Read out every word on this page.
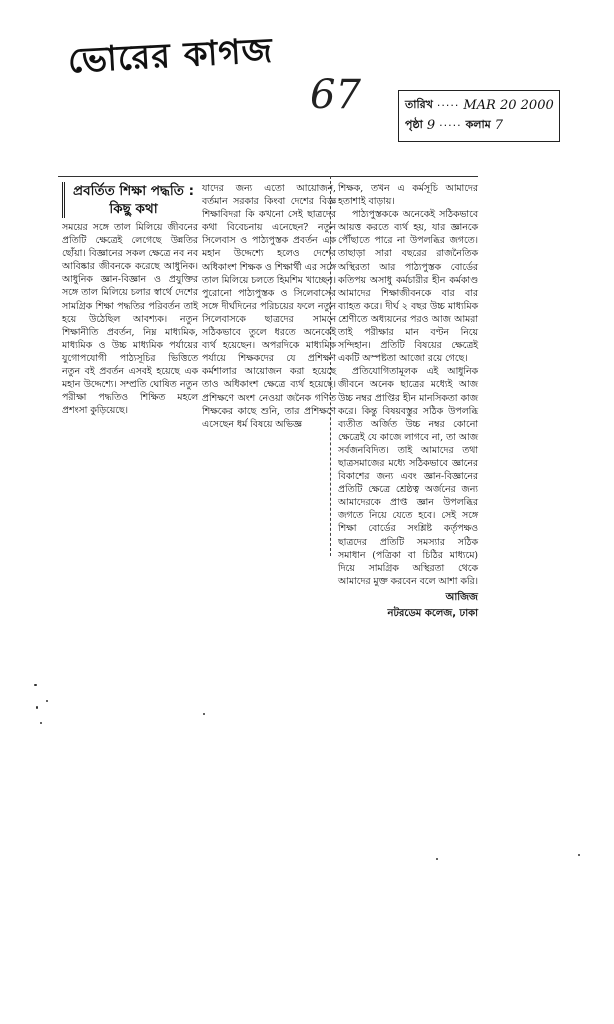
ভোরের কাগজ
67	তারিখ ····· MAR 20 2000
পৃষ্ঠা 9 ····· কলাম 7
প্রবর্তিত শিক্ষা পদ্ধতি :
কিছু কথা

সময়ের সঙ্গে তাল মিলিয়ে জীবনের প্রতিটি ক্ষেত্রেই লেগেছে উন্নতির ছোঁয়া। বিজ্ঞানের সকল ক্ষেত্রে নব নব আবিষ্কার জীবনকে করেছে আধুনিক। আধুনিক জ্ঞান-বিজ্ঞান ও প্রযুক্তির সঙ্গে তাল মিলিয়ে চলার স্বার্থে দেশের সামগ্রিক শিক্ষা পদ্ধতির পরিবর্তন তাই হয়ে উঠেছিল আবশ্যক। নতুন শিক্ষানীতি প্রবর্তন, নিম্ন মাধ্যমিক, মাধ্যমিক ও উচ্চ মাধ্যমিক পর্যায়ের যুগোপযোগী পাঠ্যসূচির ভিত্তিতে নতুন বই প্রবর্তন এসবই হয়েছে এক মহান উদ্দেশ্যে। সম্প্রতি ঘোষিত নতুন পরীক্ষা পদ্ধতিও শিক্ষিত মহলে প্রশংসা কুড়িয়েছে।

যাদের জন্য এতো আয়োজন, বর্তমান সরকার কিংবা দেশের বিজ্ঞ শিক্ষাবিদরা কি কখনো সেই ছাত্রদের কথা বিবেচনায় এনেছেন? নতুন সিলেবাস ও পাঠ্যপুস্তক প্রবর্তন এক মহান উদ্দেশ্যে হলেও দেশের অধিকাংশ শিক্ষক ও শিক্ষার্থী এর সঙ্গে তাল মিলিয়ে চলতে হিমশিম খাচ্ছেন। পুরোনো পাঠ্যপুস্তক ও সিলেবাসের সঙ্গে দীর্ঘদিনের পরিচয়ের ফলে নতুন সিলেবাসকে ছাত্রদের সামনে সঠিকভাবে তুলে ধরতে অনেকেই ব্যর্থ হয়েছেন। অপরদিকে মাধ্যমিক পর্যায়ে শিক্ষকদের যে প্রশিক্ষণ কর্মশালার আয়োজন করা হয়েছে তাও অধিকাংশ ক্ষেত্রে ব্যর্থ হয়েছে। প্রশিক্ষণে অংশ নেওয়া জনৈক গণিত শিক্ষকের কাছে শুনি, তার প্রশিক্ষণে এসেছেন ধর্ম বিষয়ে অভিজ্ঞ

শিক্ষক, তখন এ কর্মসূচি আমাদের হতাশাই বাড়ায়।

পাঠ্যপুস্তককে অনেকেই সঠিকভাবে আয়ত্ত করতে ব্যর্থ হয়, যার জ্ঞানকে পৌঁছাতে পারে না উপলব্ধির জগতে। তাছাড়া সারা বছরের রাজনৈতিক অস্থিরতা আর পাঠ্যপুস্তক বোর্ডের কতিপয় অসাধু কর্মচারীর হীন কর্মকাণ্ড আমাদের শিক্ষাজীবনকে বার বার ব্যাহত করে। দীর্ঘ ২ বছর উচ্চ মাধ্যমিক শ্রেণীতে অধ্যয়নের পরও আজ আমরা তাই পরীক্ষার মান বণ্টন নিয়ে সন্দিহান। প্রতিটি বিষয়ের ক্ষেত্রেই একটি অস্পষ্টতা আজো রয়ে গেছে।

প্রতিযোগিতামূলক এই আধুনিক জীবনে অনেক ছাত্রের মধ্যেই আজ উচ্চ নম্বর প্রাপ্তির হীন মানসিকতা কাজ করে। কিন্তু বিষয়বস্তুর সঠিক উপলব্ধি ব্যতীত অর্জিত উচ্চ নম্বর কোনো ক্ষেত্রেই যে কাজে লাগবে না, তা আজ সর্বজনবিদিত। তাই আমাদের তথা ছাত্রসমাজের মধ্যে সঠিকভাবে জ্ঞানের বিকাশের জন্য এবং জ্ঞান-বিজ্ঞানের প্রতিটি ক্ষেত্রে শ্রেষ্ঠত্ব অর্জনের জন্য আমাদেরকে প্রাপ্ত জ্ঞান উপলব্ধির জগতে নিয়ে যেতে হবে। সেই সঙ্গে শিক্ষা বোর্ডের সংশ্লিষ্ট কর্তৃপক্ষও ছাত্রদের প্রতিটি সমস্যার সঠিক সমাধান (পত্রিকা বা চিঠির মাধ্যমে) দিয়ে সামগ্রিক অস্থিরতা থেকে আমাদের মুক্ত করবেন বলে আশা করি।

আজিজ
নটরডেম কলেজ, ঢাকা
